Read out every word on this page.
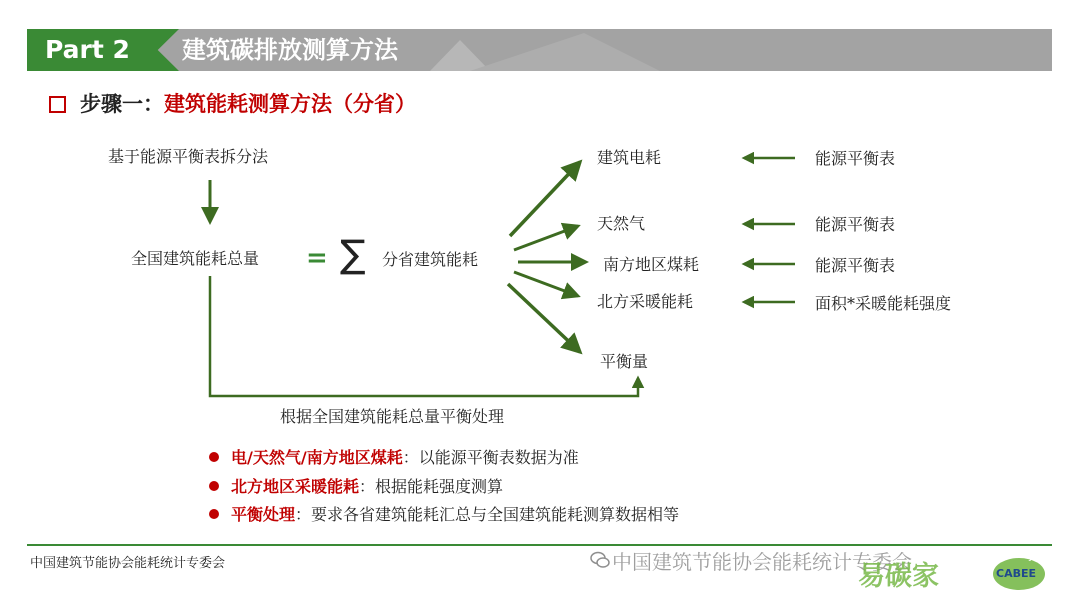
Part 2 建筑碳排放测算方法
步骤一：建筑能耗测算方法（分省）
基于能源平衡表拆分法
全国建筑能耗总量 = ∑ 分省建筑能耗
建筑电耗
天然气
南方地区煤耗
北方采暖能耗
平衡量
能源平衡表
能源平衡表
能源平衡表
面积*采暖能耗强度
根据全国建筑能耗总量平衡处理
电/天然气/南方地区煤耗：以能源平衡表数据为准
北方地区采暖能耗：根据能耗强度测算
平衡处理：要求各省建筑能耗汇总与全国建筑能耗测算数据相等
中国建筑节能协会能耗统计专委会	中国建筑节能协会能耗统计专委会
易碳家	CABEE
yitanjia
